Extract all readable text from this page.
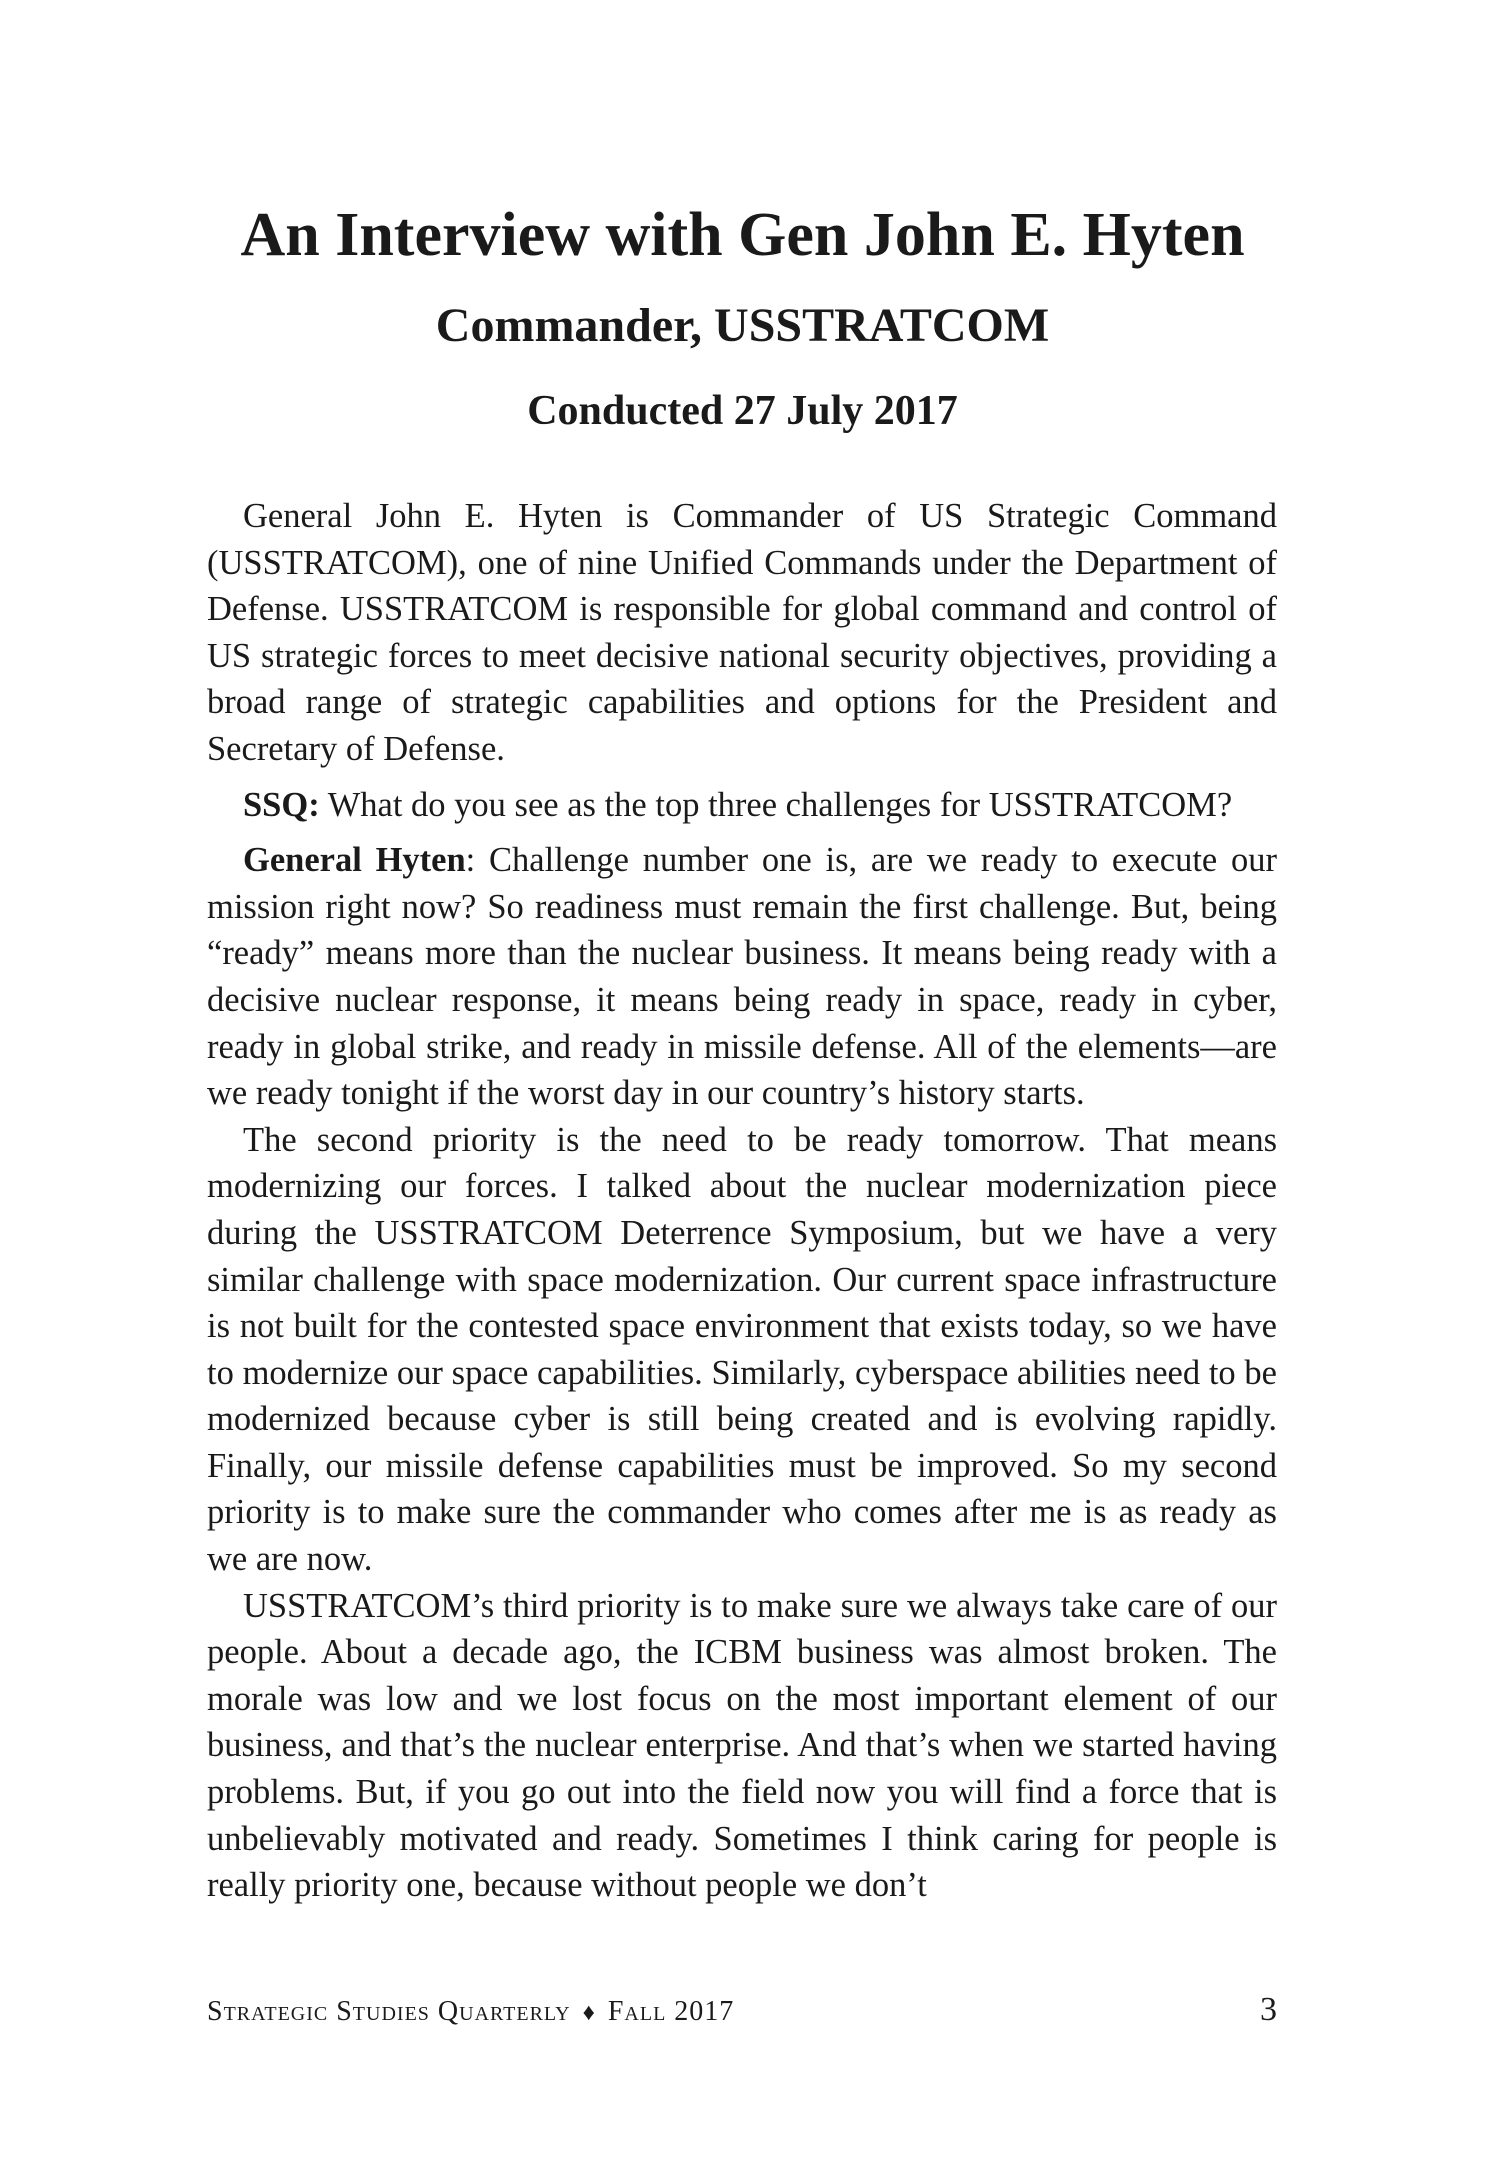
An Interview with Gen John E. Hyten
Commander, USSTRATCOM
Conducted 27 July 2017

General John E. Hyten is Commander of US Strategic Command (USSTRATCOM), one of nine Unified Commands under the Department of Defense. USSTRATCOM is responsible for global command and control of US strategic forces to meet decisive national security objectives, providing a broad range of strategic capabilities and options for the President and Secretary of Defense.

SSQ: What do you see as the top three challenges for USSTRATCOM?

General Hyten: Challenge number one is, are we ready to execute our mission right now? So readiness must remain the first challenge. But, being “ready” means more than the nuclear business. It means being ready with a decisive nuclear response, it means being ready in space, ready in cyber, ready in global strike, and ready in missile defense. All of the elements—are we ready tonight if the worst day in our country’s history starts.

The second priority is the need to be ready tomorrow. That means modernizing our forces. I talked about the nuclear modernization piece during the USSTRATCOM Deterrence Symposium, but we have a very similar challenge with space modernization. Our current space infrastructure is not built for the contested space environment that exists today, so we have to modernize our space capabilities. Similarly, cyberspace abilities need to be modernized because cyber is still being created and is evolving rapidly. Finally, our missile defense capabilities must be improved. So my second priority is to make sure the commander who comes after me is as ready as we are now.

USSTRATCOM’s third priority is to make sure we always take care of our people. About a decade ago, the ICBM business was almost broken. The morale was low and we lost focus on the most important element of our business, and that’s the nuclear enterprise. And that’s when we started having problems. But, if you go out into the field now you will find a force that is unbelievably motivated and ready. Sometimes I think caring for people is really priority one, because without people we don’t

Strategic Studies Quarterly ♦ Fall 2017	3
